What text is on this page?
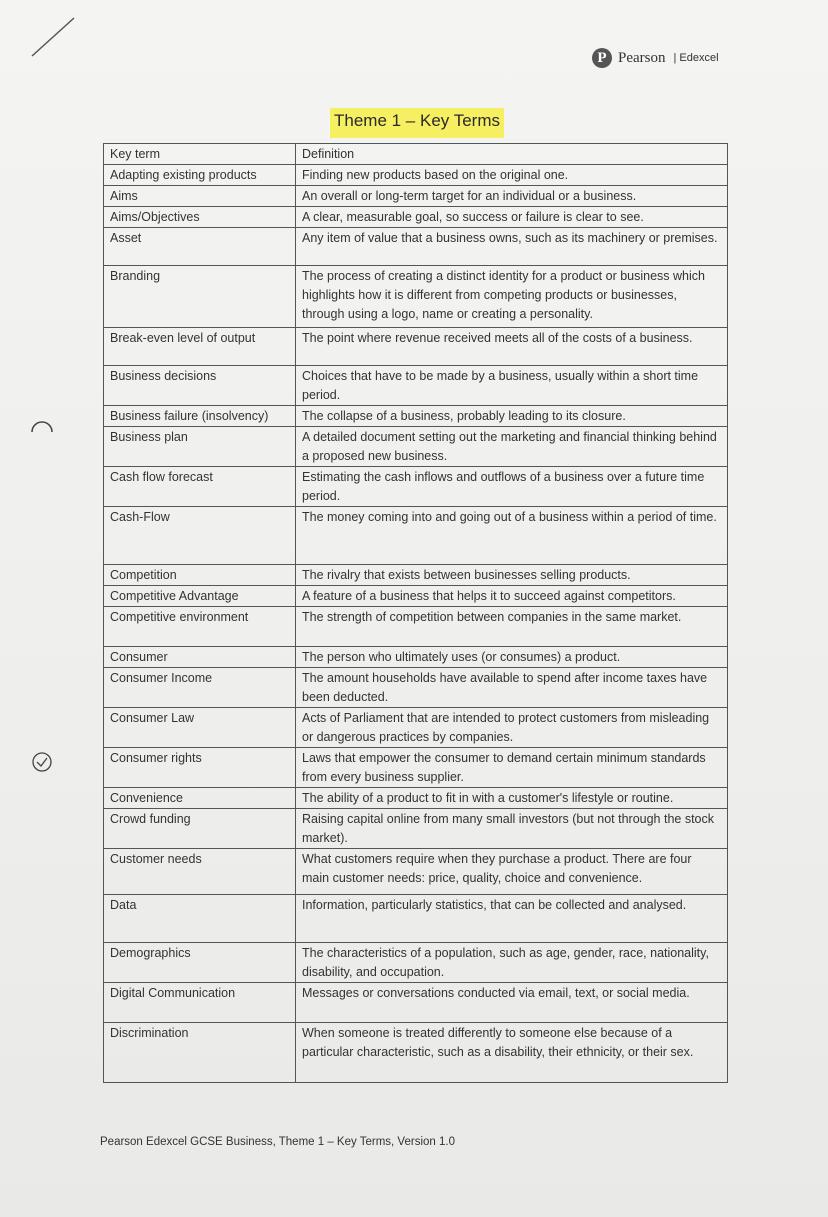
P Pearson | Edexcel
Theme 1 – Key Terms
Key term	Definition
Adapting existing products	Finding new products based on the original one.
Aims	An overall or long-term target for an individual or a business.
Aims/Objectives	A clear, measurable goal, so success or failure is clear to see.
Asset	Any item of value that a business owns, such as its machinery or premises.
Branding	The process of creating a distinct identity for a product or business which highlights how it is different from competing products or businesses, through using a logo, name or creating a personality.
Break-even level of output	The point where revenue received meets all of the costs of a business.
Business decisions	Choices that have to be made by a business, usually within a short time period.
Business failure (insolvency)	The collapse of a business, probably leading to its closure.
Business plan	A detailed document setting out the marketing and financial thinking behind a proposed new business.
Cash flow forecast	Estimating the cash inflows and outflows of a business over a future time period.
Cash-Flow	The money coming into and going out of a business within a period of time.
Competition	The rivalry that exists between businesses selling products.
Competitive Advantage	A feature of a business that helps it to succeed against competitors.
Competitive environment	The strength of competition between companies in the same market.
Consumer	The person who ultimately uses (or consumes) a product.
Consumer Income	The amount households have available to spend after income taxes have been deducted.
Consumer Law	Acts of Parliament that are intended to protect customers from misleading or dangerous practices by companies.
Consumer rights	Laws that empower the consumer to demand certain minimum standards from every business supplier.
Convenience	The ability of a product to fit in with a customer's lifestyle or routine.
Crowd funding	Raising capital online from many small investors (but not through the stock market).
Customer needs	What customers require when they purchase a product. There are four main customer needs: price, quality, choice and convenience.
Data	Information, particularly statistics, that can be collected and analysed.
Demographics	The characteristics of a population, such as age, gender, race, nationality, disability, and occupation.
Digital Communication	Messages or conversations conducted via email, text, or social media.
Discrimination	When someone is treated differently to someone else because of a particular characteristic, such as a disability, their ethnicity, or their sex.
Pearson Edexcel GCSE Business, Theme 1 – Key Terms, Version 1.0
